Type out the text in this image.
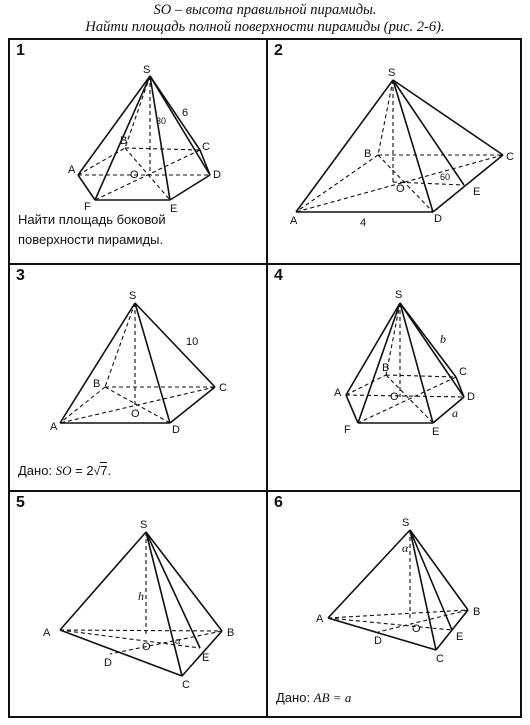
SO – высота правильной пирамиды.
Найти площадь полной поверхности пирамиды (рис. 2-6).
1
S
A
B	C
D
E
F
O
6
30
Найти площадь боковой
поверхности пирамиды.
2
S
A
B	C
D
E
O
4
60
3
S
A
B	C
D
O
10
Дано: SO = 2√7.
4
S
A
B	C
D
E
F
O
b
a
5
S
A	B
C
D	E
O
h
α
6
S
A
B
C
D	E
O
α
Дано: AB = a
